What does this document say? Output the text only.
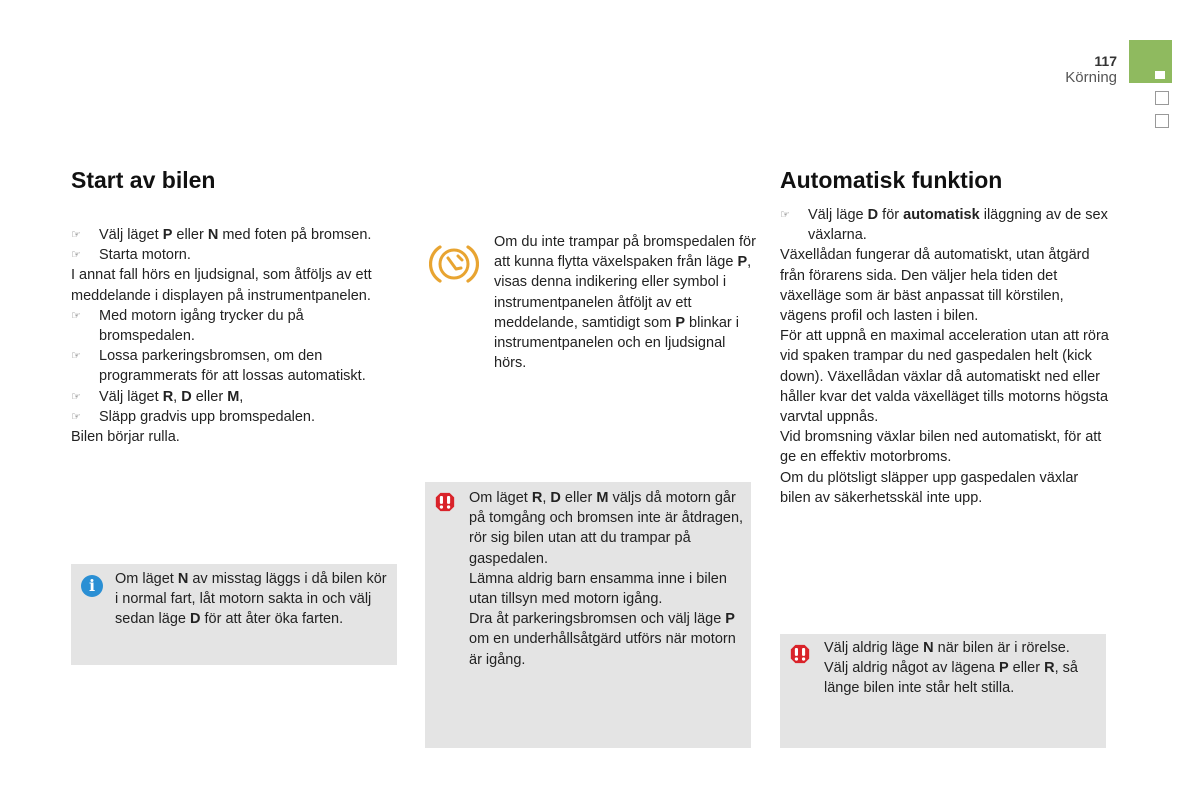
117
Körning
Start av bilen

☞
Välj läget P eller N med foten på bromsen.

☞
Starta motorn.

I annat fall hörs en ljudsignal, som åtföljs av ett meddelande i displayen på instrumentpanelen.

☞
Med motorn igång trycker du på bromspedalen.

☞
Lossa parkeringsbromsen, om den programmerats för att lossas automatiskt.

☞
Välj läget R, D eller M,

☞
Släpp gradvis upp bromspedalen.

Bilen börjar rulla.

i
Om läget N av misstag läggs i då bilen kör i normal fart, låt motorn sakta in och välj sedan läge D för att åter öka farten.
Om du inte trampar på bromspedalen för att kunna flytta växelspaken från läge P, visas denna indikering eller symbol i instrumentpanelen åtföljt av ett meddelande, samtidigt som P blinkar i instrumentpanelen och en ljudsignal hörs.

Om läget R, D eller M väljs då motorn går på tomgång och bromsen inte är åtdragen, rör sig bilen utan att du trampar på gaspedalen.

Lämna aldrig barn ensamma inne i bilen utan tillsyn med motorn igång.

Dra åt parkeringsbromsen och välj läge P om en underhållsåtgärd utförs när motorn är igång.

Automatisk funktion

☞
Välj läge D för automatisk iläggning av de sex växlarna.

Växellådan fungerar då automatiskt, utan åtgärd från förarens sida. Den väljer hela tiden det växelläge som är bäst anpassat till körstilen, vägens profil och lasten i bilen.

För att uppnå en maximal acceleration utan att röra vid spaken trampar du ned gaspedalen helt (kick down). Växellådan växlar då automatiskt ned eller håller kvar det valda växelläget tills motorns högsta varvtal uppnås.

Vid bromsning växlar bilen ned automatiskt, för att ge en effektiv motorbroms.

Om du plötsligt släpper upp gaspedalen växlar bilen av säkerhetsskäl inte upp.

Välj aldrig läge N när bilen är i rörelse.

Välj aldrig något av lägena P eller R, så länge bilen inte står helt stilla.
